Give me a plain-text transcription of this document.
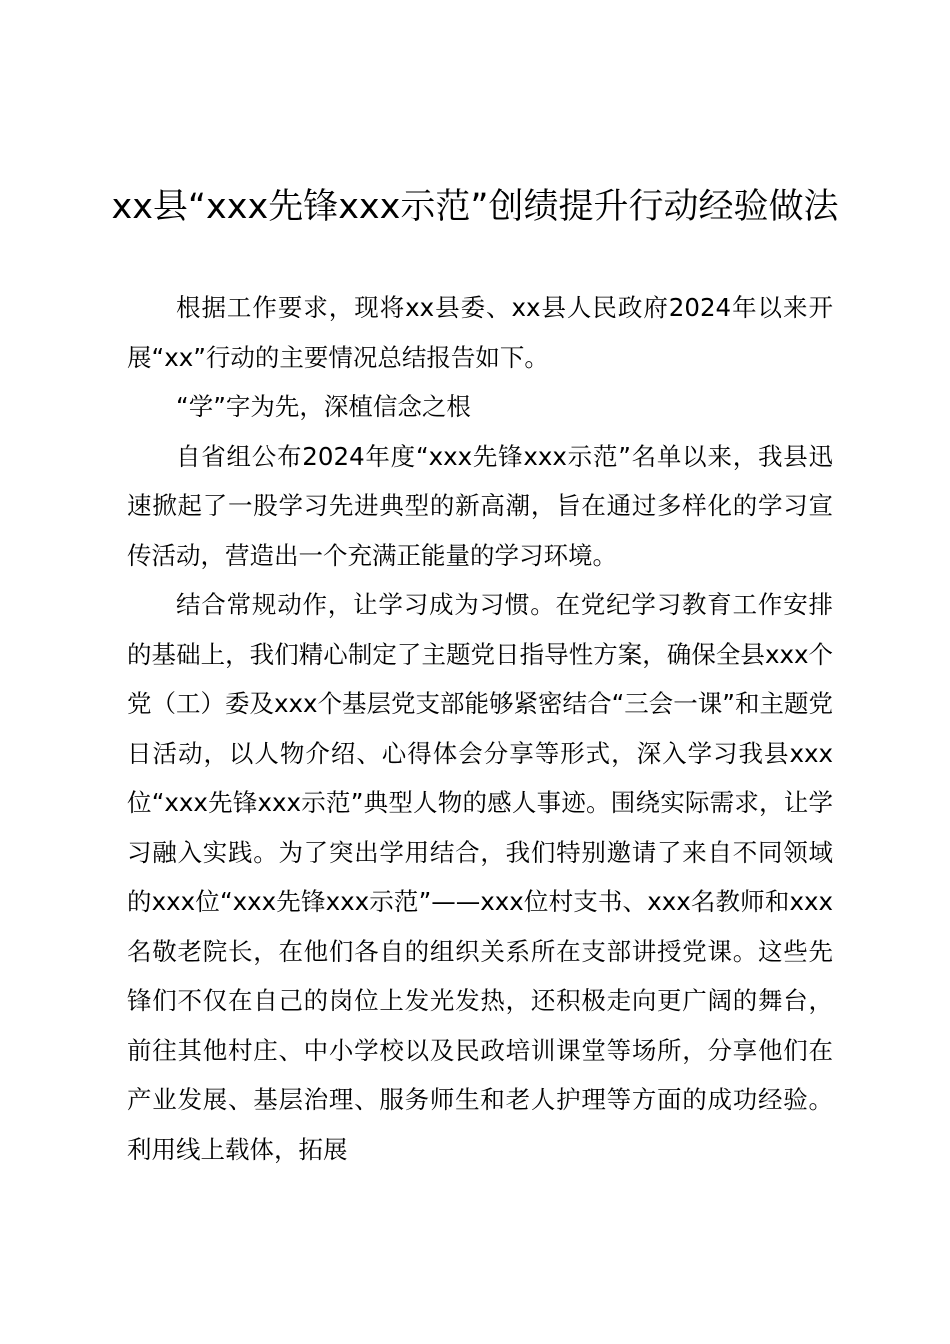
xx县“xxx先锋xxx示范”创绩提升行动经验做法

根据工作要求，现将xx县委、xx县人民政府2024年以来开展“xx”行动的主要情况总结报告如下。

“学”字为先，深植信念之根

自省组公布2024年度“xxx先锋xxx示范”名单以来，我县迅速掀起了一股学习先进典型的新高潮，旨在通过多样化的学习宣传活动，营造出一个充满正能量的学习环境。

结合常规动作，让学习成为习惯。在党纪学习教育工作安排的基础上，我们精心制定了主题党日指导性方案，确保全县xxx个党（工）委及xxx个基层党支部能够紧密结合“三会一课”和主题党日活动，以人物介绍、心得体会分享等形式，深入学习我县xxx位“xxx先锋xxx示范”典型人物的感人事迹。围绕实际需求，让学习融入实践。为了突出学用结合，我们特别邀请了来自不同领域的xxx位“xxx先锋xxx示范”——xxx位村支书、xxx名教师和xxx名敬老院长，在他们各自的组织关系所在支部讲授党课。这些先锋们不仅在自己的岗位上发光发热，还积极走向更广阔的舞台，前往其他村庄、中小学校以及民政培训课堂等场所，分享他们在产业发展、基层治理、服务师生和老人护理等方面的成功经验。利用线上载体，拓展
